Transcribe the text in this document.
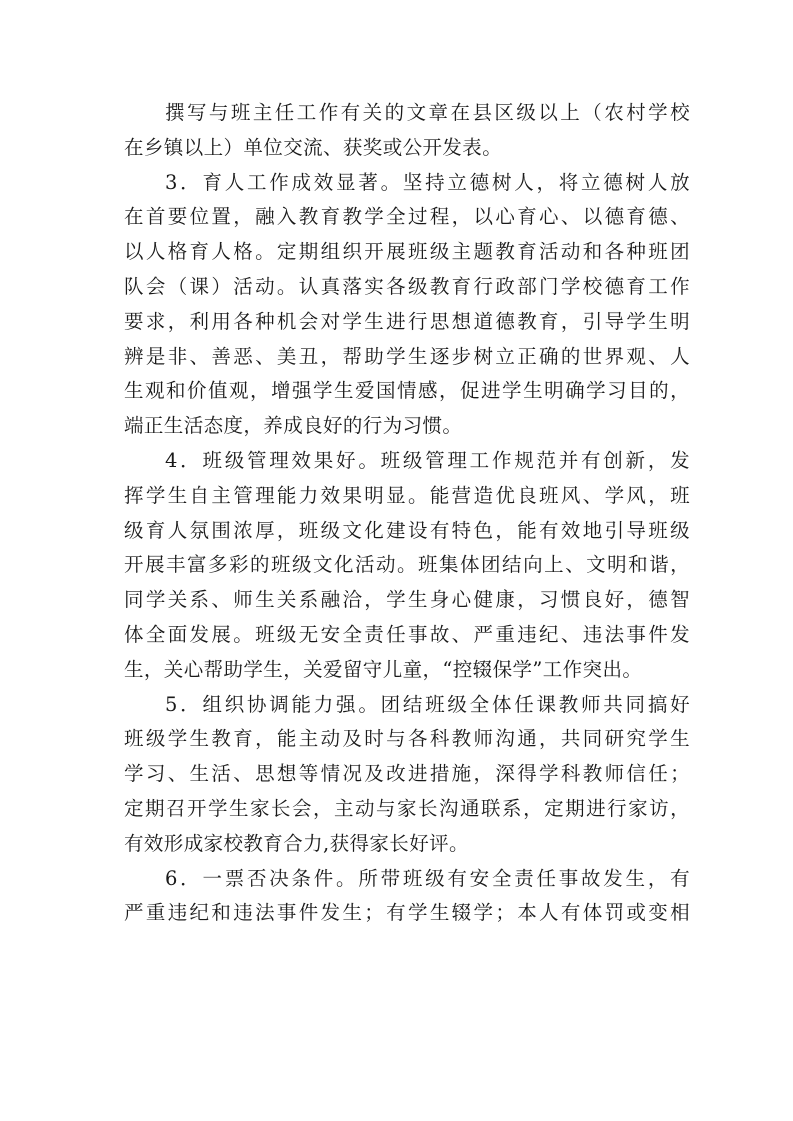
撰写与班主任工作有关的文章在县区级以上（农村学校
在乡镇以上）单位交流、获奖或公开发表。
3．育人工作成效显著。坚持立德树人，将立德树人放
在首要位置，融入教育教学全过程，以心育心、以德育德、
以人格育人格。定期组织开展班级主题教育活动和各种班团
队会（课）活动。认真落实各级教育行政部门学校德育工作
要求，利用各种机会对学生进行思想道德教育，引导学生明
辨是非、善恶、美丑，帮助学生逐步树立正确的世界观、人
生观和价值观，增强学生爱国情感，促进学生明确学习目的，
端正生活态度，养成良好的行为习惯。
4．班级管理效果好。班级管理工作规范并有创新，发
挥学生自主管理能力效果明显。能营造优良班风、学风，班
级育人氛围浓厚，班级文化建设有特色，能有效地引导班级
开展丰富多彩的班级文化活动。班集体团结向上、文明和谐，
同学关系、师生关系融洽，学生身心健康，习惯良好，德智
体全面发展。班级无安全责任事故、严重违纪、违法事件发
生，关心帮助学生，关爱留守儿童，“控辍保学”工作突出。
5．组织协调能力强。团结班级全体任课教师共同搞好
班级学生教育，能主动及时与各科教师沟通，共同研究学生
学习、生活、思想等情况及改进措施，深得学科教师信任；
定期召开学生家长会，主动与家长沟通联系，定期进行家访，
有效形成家校教育合力,获得家长好评。
6．一票否决条件。所带班级有安全责任事故发生，有
严重违纪和违法事件发生；有学生辍学；本人有体罚或变相
